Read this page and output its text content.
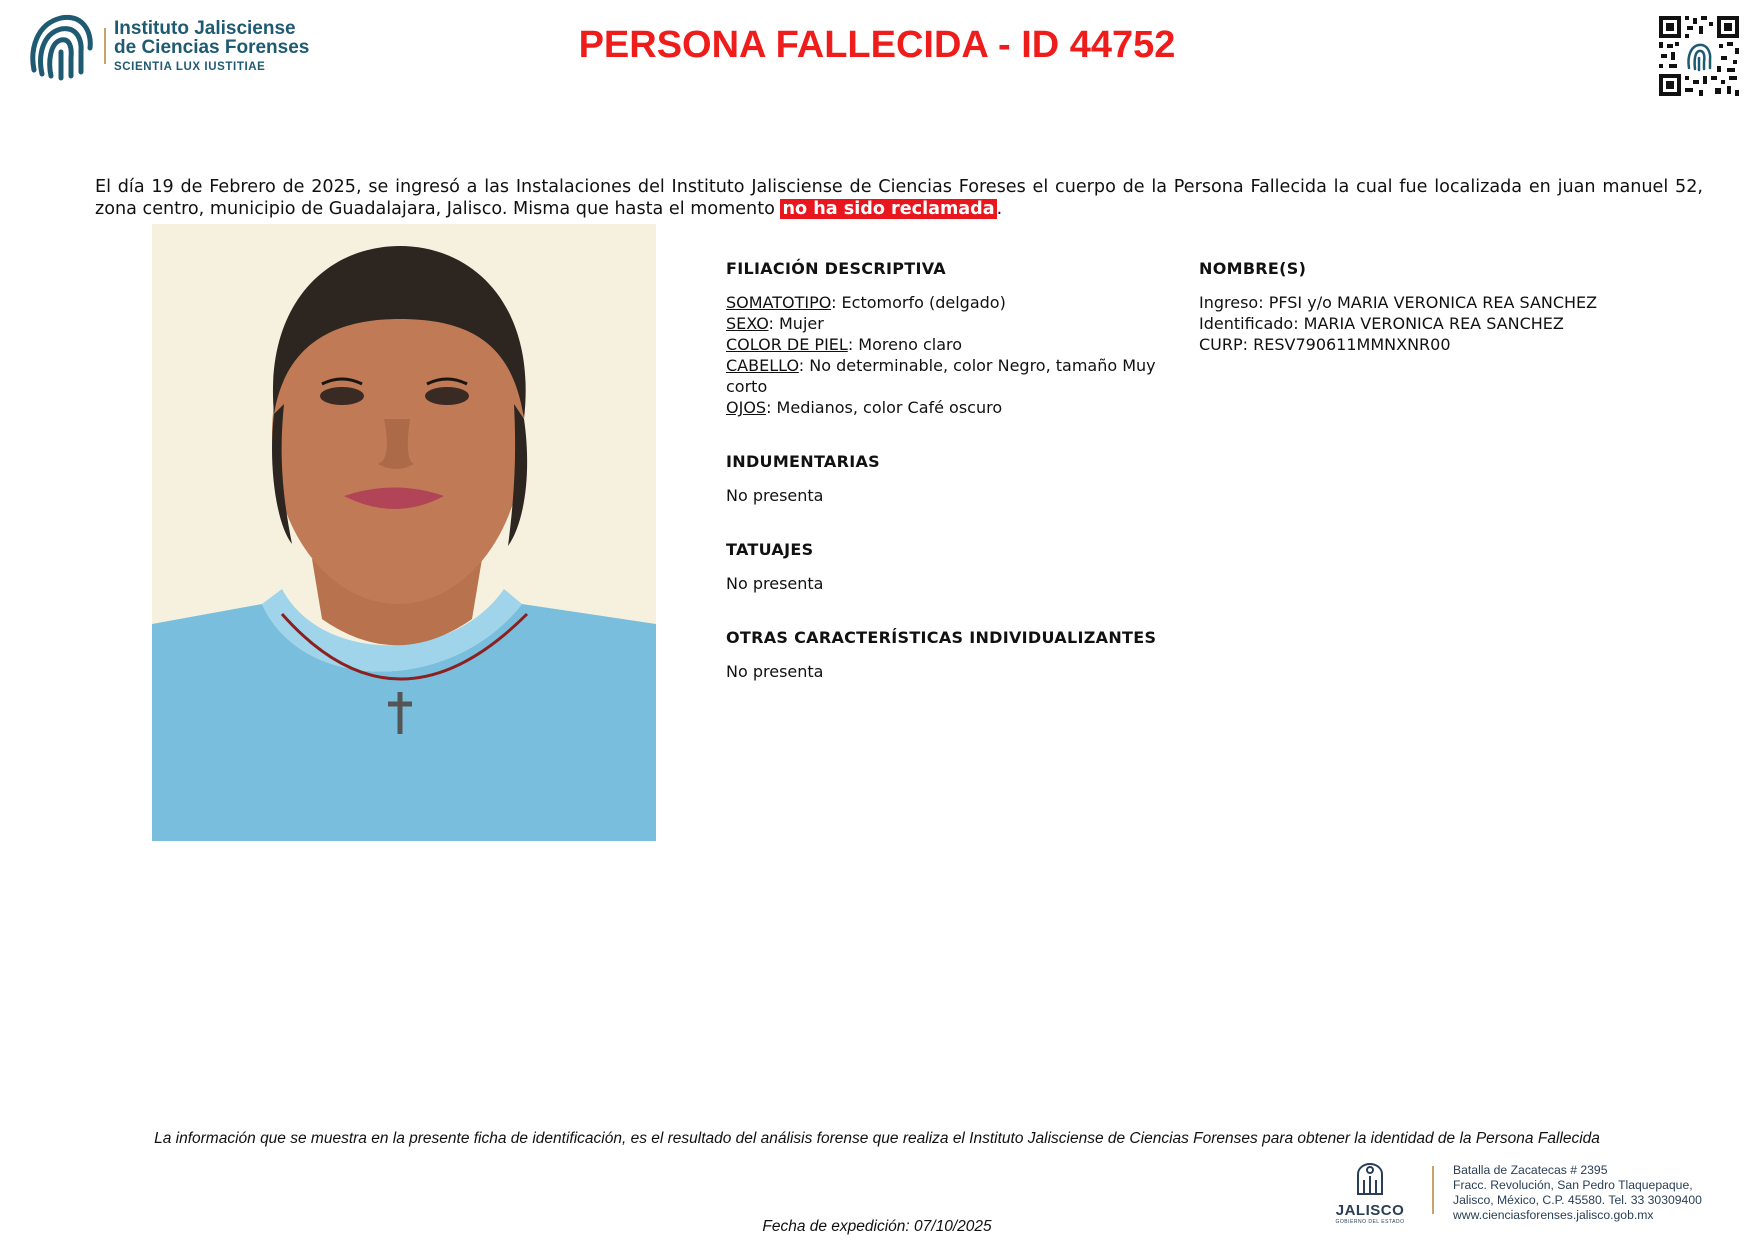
Instituto Jalisciense
de Ciencias Forenses
SCIENTIA LUX IUSTITIAE
PERSONA FALLECIDA - ID 44752

El día 19 de Febrero de 2025, se ingresó a las Instalaciones del Instituto Jalisciense de Ciencias Foreses el cuerpo de la Persona Fallecida la cual fue localizada en juan manuel 52, zona centro, municipio de Guadalajara, Jalisco. Misma que hasta el momento no ha sido reclamada .

FILIACIÓN DESCRIPTIVA
SOMATOTIPO: Ectomorfo (delgado)
SEXO: Mujer
COLOR DE PIEL: Moreno claro
CABELLO: No determinable, color Negro, tamaño Muy corto
OJOS: Medianos, color Café oscuro
INDUMENTARIAS
No presenta
TATUAJES
No presenta
OTRAS CARACTERÍSTICAS INDIVIDUALIZANTES
No presenta
NOMBRE(S)
Ingreso: PFSI y/o MARIA VERONICA REA SANCHEZ
Identificado: MARIA VERONICA REA SANCHEZ
CURP: RESV790611MMNXNR00
La información que se muestra en la presente ficha de identificación, es el resultado del análisis forense que realiza el Instituto Jalisciense de Ciencias Forenses para obtener la identidad de la Persona Fallecida
JALISCO
GOBIERNO DEL ESTADO
Batalla de Zacatecas # 2395
Fracc. Revolución, San Pedro Tlaquepaque,
Jalisco, México, C.P. 45580. Tel. 33 30309400
www.cienciasforenses.jalisco.gob.mx
Fecha de expedición: 07/10/2025
